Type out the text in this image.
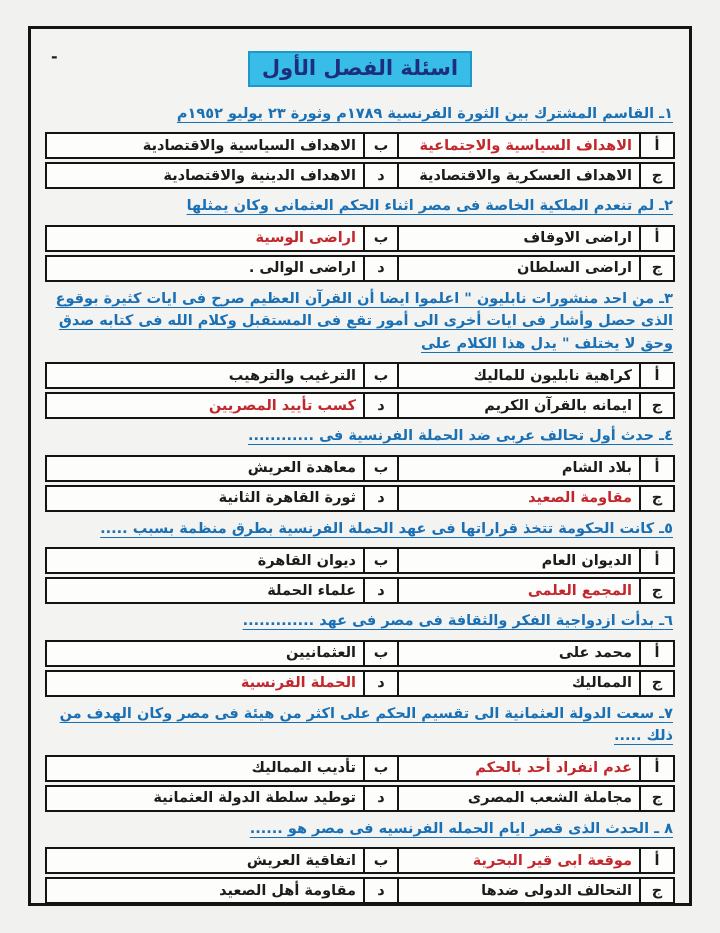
-	اسئلة الفصل الأول
١ـ القاسم المشترك بين الثورة الفرنسية ١٧٨٩م وثورة ٢٣ يوليو ١٩٥٢م
أ
الاهداف السياسية والاجتماعية
ب
الاهداف السياسية والاقتصادية
ج
الاهداف العسكرية والاقتصادية
د
الاهداف الدينية والاقتصادية
٢ـ لم تنعدم الملكية الخاصة فى مصر اثناء الحكم العثمانى وكان يمثلها
أ
اراضى الاوقاف
ب
اراضى الوسية
ج
اراضى السلطان
د
اراضى الوالى .
٣ـ من احد منشورات نابليون " اعلموا ايضا أن القرآن العظيم صرح فى ايات كثيرة بوقوع الذى حصل وأشار فى ايات أخرى الى أمور تقع فى المستقبل وكلام الله فى كتابه صدق وحق لا يختلف " يدل هذا الكلام على
أ
كراهية نابليون للماليك
ب
الترغيب والترهيب
ج
ايمانه بالقرآن الكريم
د
كسب تأييد المصريين
٤ـ حدث أول تحالف عربى ضد الحملة الفرنسية فى ............
أ
بلاد الشام
ب
معاهدة العريش
ج
مقاومة الصعيد
د
ثورة القاهرة الثانية
٥ـ كانت الحكومة تتخذ قراراتها فى عهد الحملة الفرنسية بطرق منظمة بسبب .....
أ
الديوان العام
ب
ديوان القاهرة
ج
المجمع العلمى
د
علماء الحملة
٦ـ بدأت ازدواجية الفكر والثقافة فى مصر فى عهد .............
أ
محمد على
ب
العثمانيين
ج
المماليك
د
الحملة الفرنسية
٧ـ سعت الدولة العثمانية الى تقسيم الحكم على اكثر من هيئة فى مصر وكان الهدف من ذلك .....
أ
عدم انفراد أحد بالحكم
ب
تأديب المماليك
ج
مجاملة الشعب المصرى
د
توطيد سلطة الدولة العثمانية
٨ ـ الحدث الذى قصر ايام الحمله الفرنسيه فى مصر هو ......
أ
موقعة ابى قير البحرية
ب
اتفاقية العريش
ج
التحالف الدولى ضدها
د
مقاومة أهل الصعيد
